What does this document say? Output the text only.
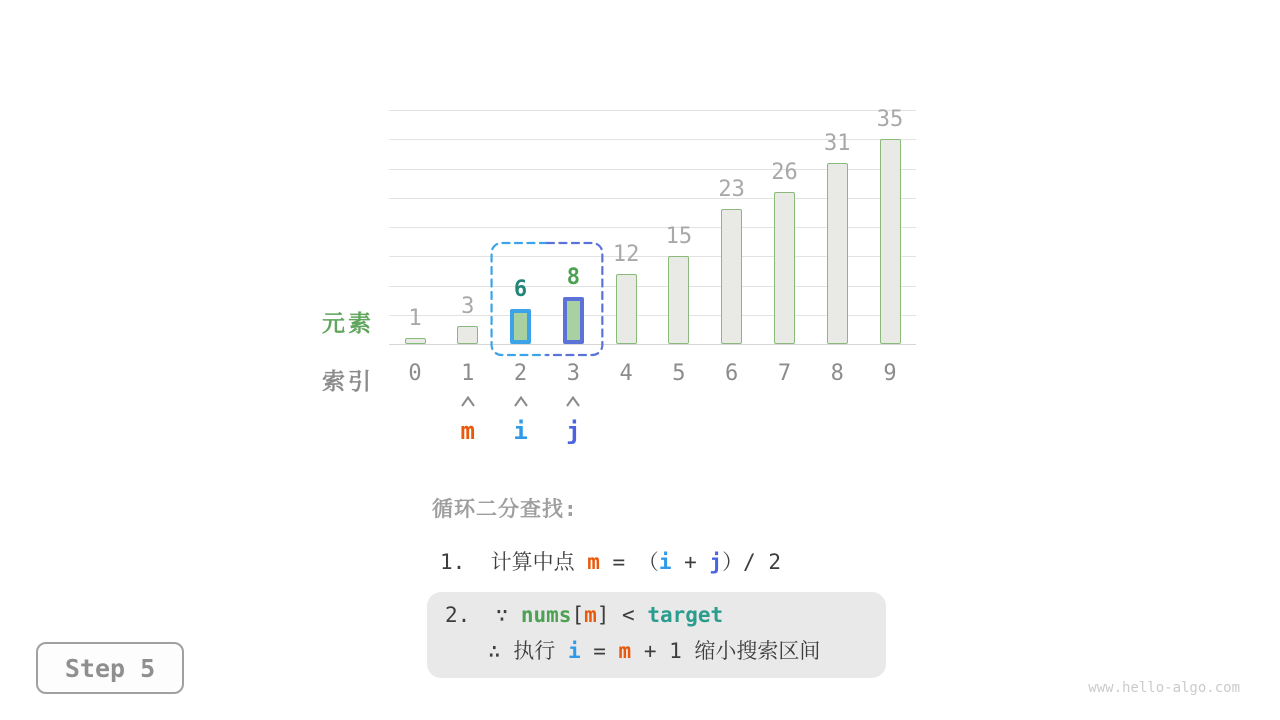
1	3
6	8
12
15
23
26
31
35
0	1	2	3	4	5	6	7	8	9
m	i	j
元素
索引
循环二分查找:
1.  计算中点 m = （i + j）/ 2
2.  ∵ nums[m] < target
∴ 执行 i = m + 1 缩小搜索区间
Step 5
www.hello-algo.com
